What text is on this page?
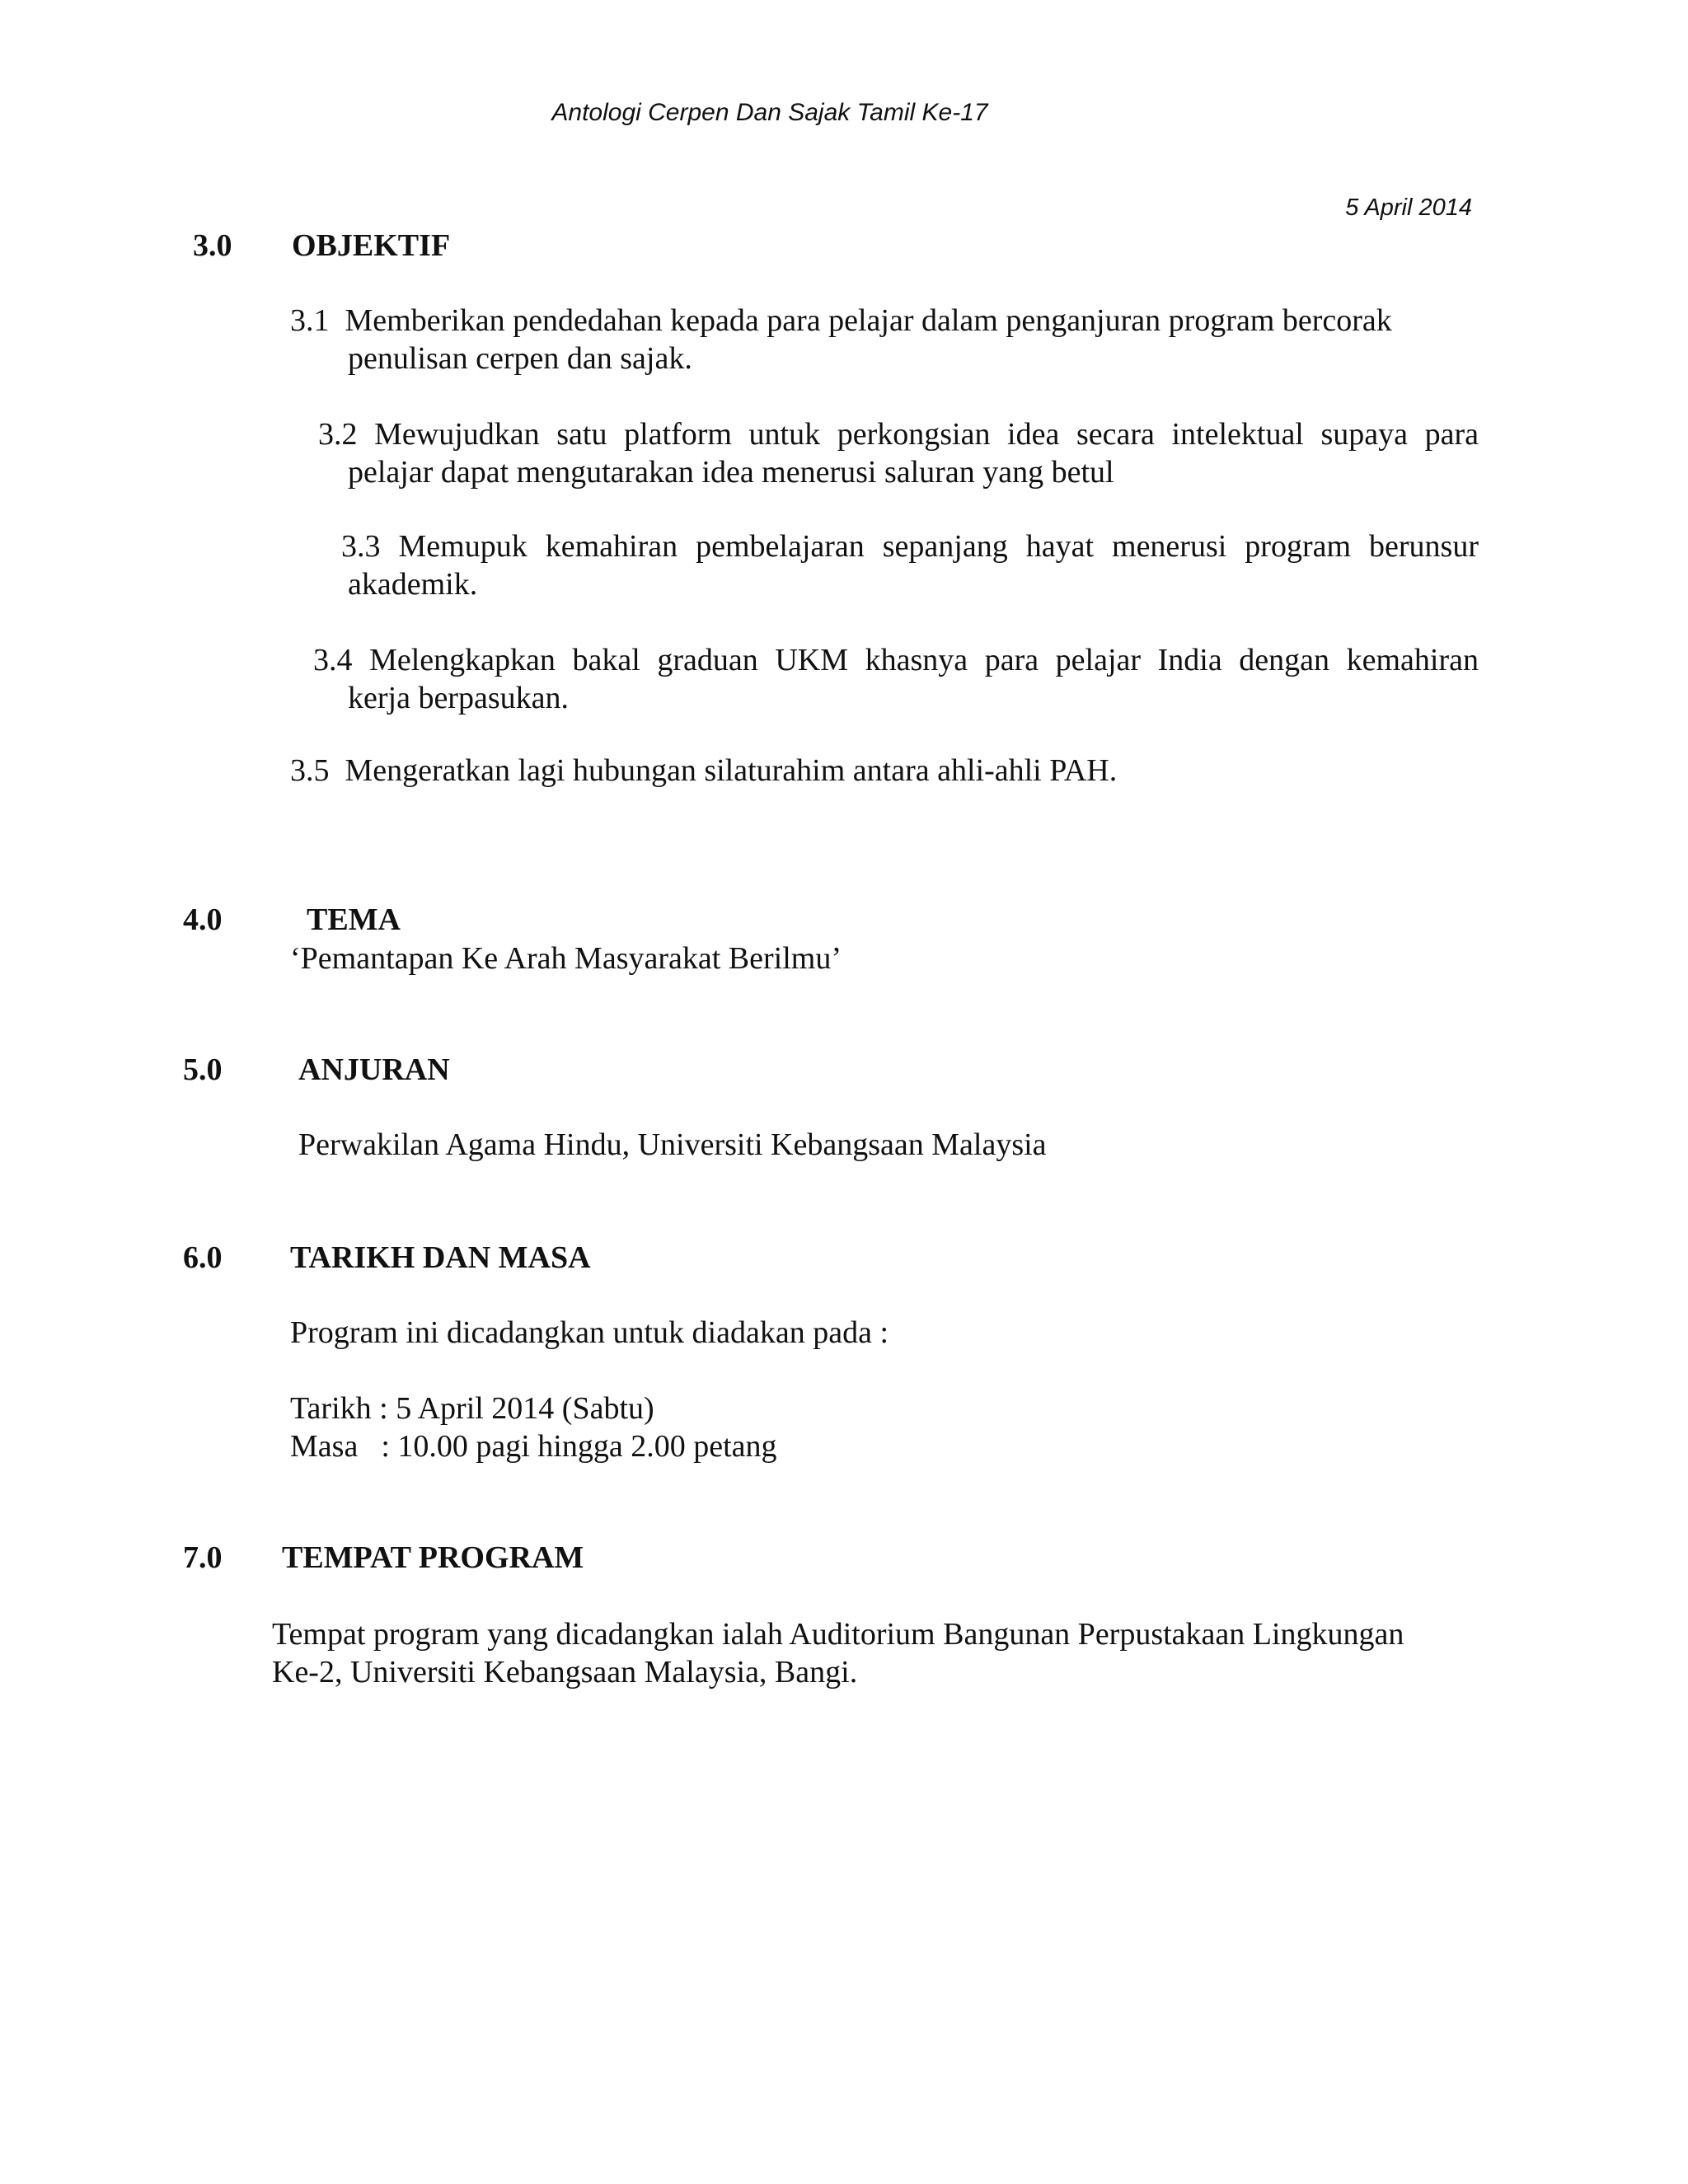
Antologi Cerpen Dan Sajak Tamil Ke-17
5 April 2014
3.0 OBJEKTIF
3.1 Memberikan pendedahan kepada para pelajar dalam penganjuran program bercorak
penulisan cerpen dan sajak.
3.2 Mewujudkan satu platform untuk perkongsian idea secara intelektual supaya para
pelajar dapat mengutarakan idea menerusi saluran yang betul
3.3 Memupuk kemahiran pembelajaran sepanjang hayat menerusi program berunsur
akademik.
3.4 Melengkapkan bakal graduan UKM khasnya para pelajar India dengan kemahiran
kerja berpasukan.
3.5 Mengeratkan lagi hubungan silaturahim antara ahli-ahli PAH.
4.0	TEMA
‘Pemantapan Ke Arah Masyarakat Berilmu’
5.0 ANJURAN
Perwakilan Agama Hindu, Universiti Kebangsaan Malaysia
6.0 TARIKH DAN MASA
Program ini dicadangkan untuk diadakan pada :
Tarikh : 5 April 2014 (Sabtu)
Masa : 10.00 pagi hingga 2.00 petang
7.0 TEMPAT PROGRAM
Tempat program yang dicadangkan ialah Auditorium Bangunan Perpustakaan Lingkungan
Ke-2, Universiti Kebangsaan Malaysia, Bangi.
